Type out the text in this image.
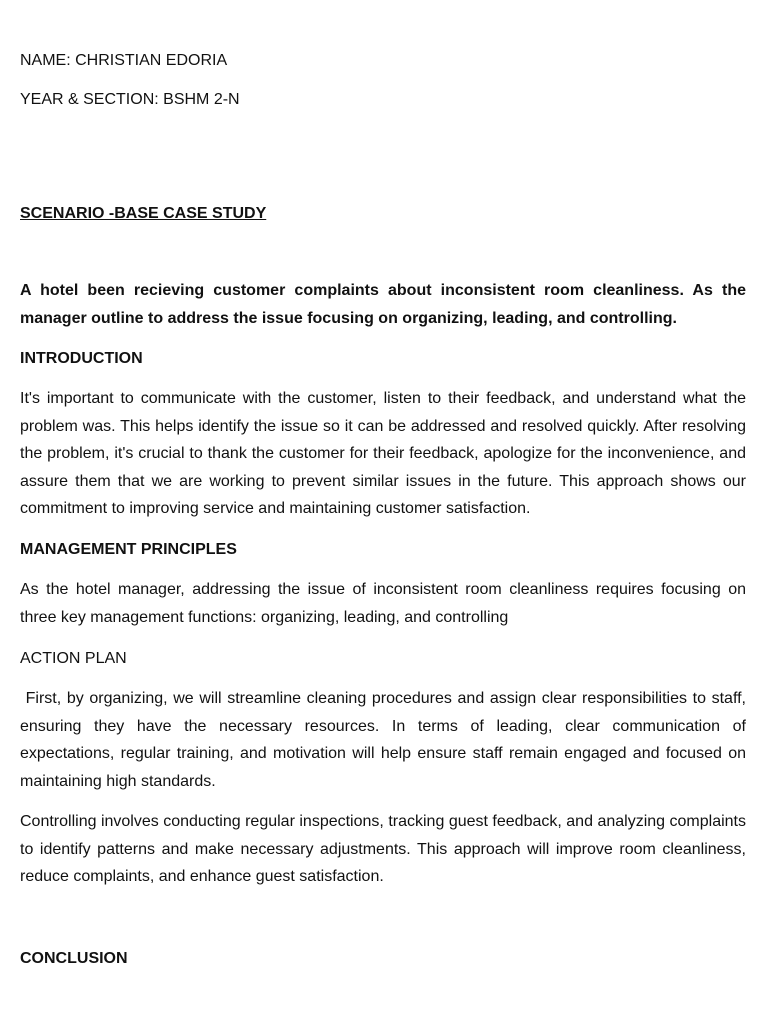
NAME: CHRISTIAN EDORIA

YEAR & SECTION: BSHM 2-N

SCENARIO -BASE CASE STUDY

A hotel been recieving customer complaints about inconsistent room cleanliness. As the manager outline to address the issue focusing on organizing, leading, and controlling.

INTRODUCTION

It's important to communicate with the customer, listen to their feedback, and understand what the problem was. This helps identify the issue so it can be addressed and resolved quickly. After resolving the problem, it's crucial to thank the customer for their feedback, apologize for the inconvenience, and assure them that we are working to prevent similar issues in the future. This approach shows our commitment to improving service and maintaining customer satisfaction.

MANAGEMENT PRINCIPLES

As the hotel manager, addressing the issue of inconsistent room cleanliness requires focusing on three key management functions: organizing, leading, and controlling

ACTION PLAN

First, by organizing, we will streamline cleaning procedures and assign clear responsibilities to staff, ensuring they have the necessary resources. In terms of leading, clear communication of expectations, regular training, and motivation will help ensure staff remain engaged and focused on maintaining high standards.

Controlling involves conducting regular inspections, tracking guest feedback, and analyzing complaints to identify patterns and make necessary adjustments. This approach will improve room cleanliness, reduce complaints, and enhance guest satisfaction.

CONCLUSION
